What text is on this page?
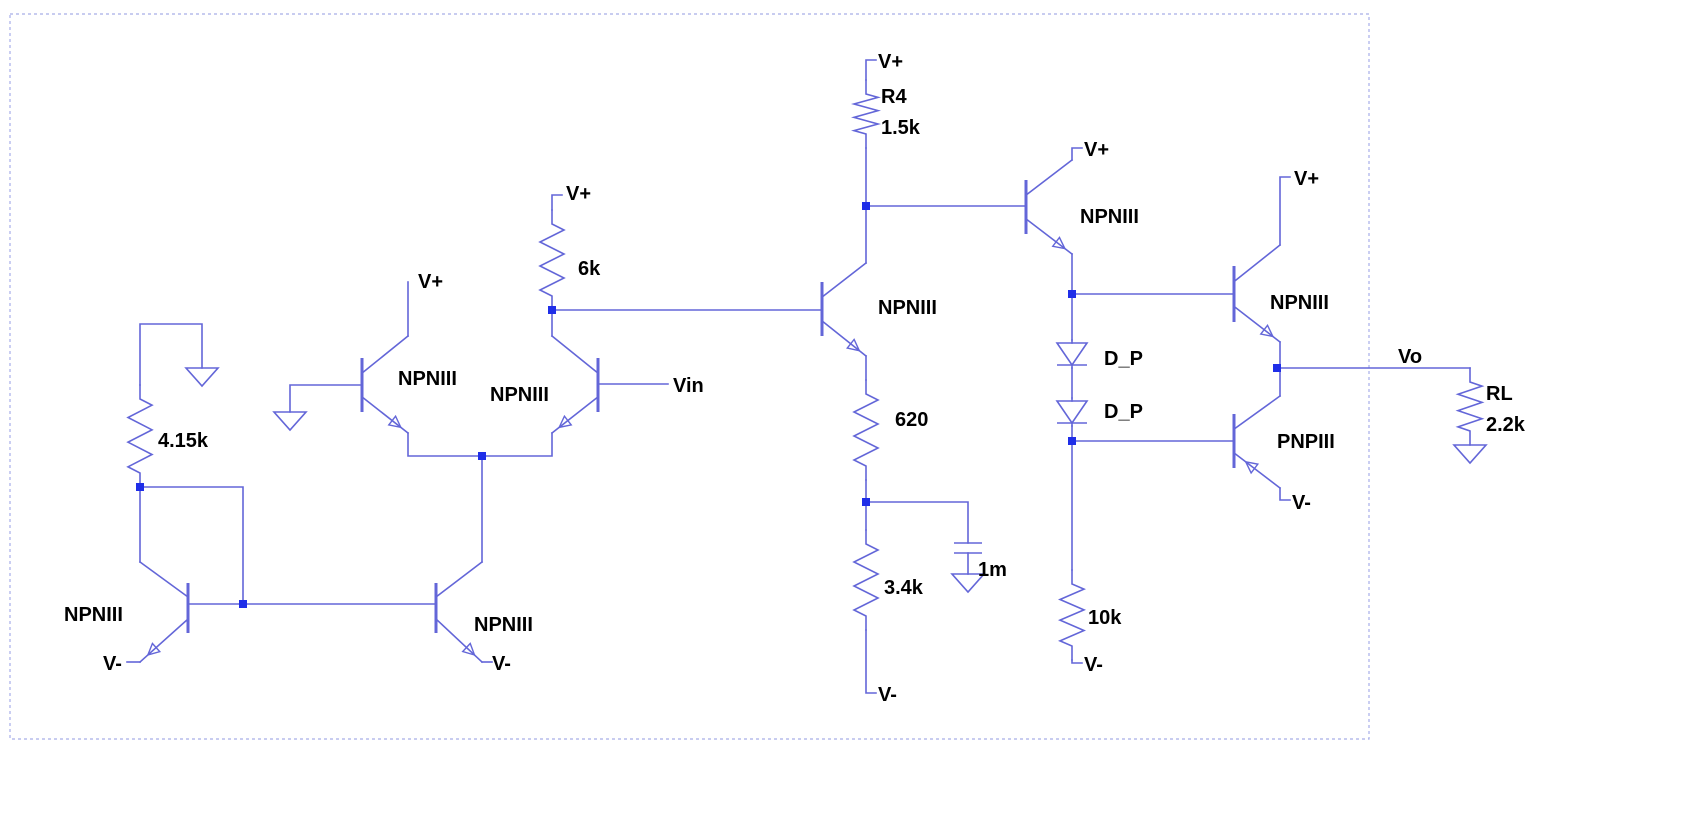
V+
R4
1.5k
V+
V+
NPNIII
V+
6k
V+
NPNIII	NPNIII
NPNIII
NPNIII	Vin
D_P
D_P
Vo
RL
2.2k
PNPIII
4.15k
620
V-
1m
3.4k
10k
NPNIII	NPNIII
V-	V-	V-
V-
